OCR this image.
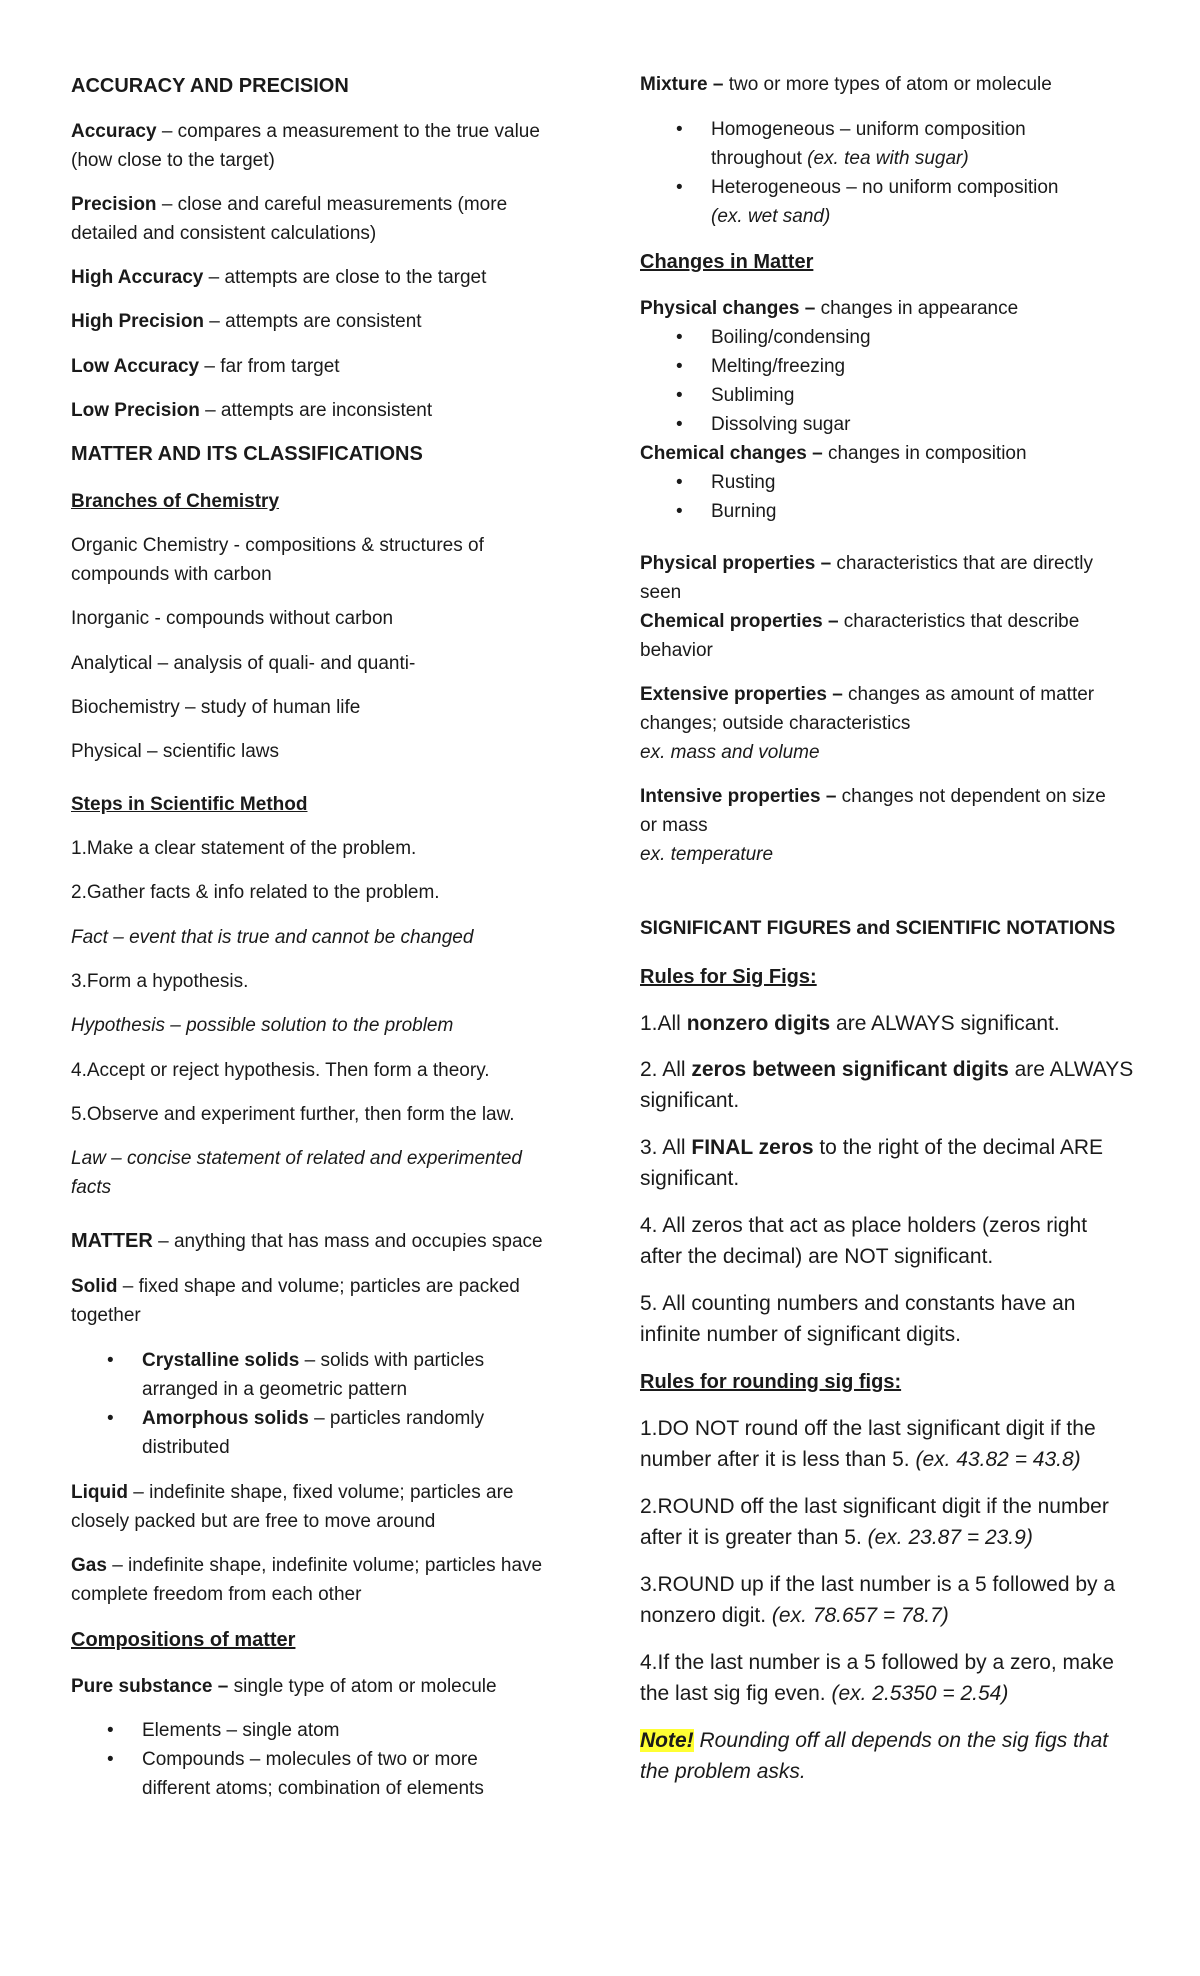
ACCURACY AND PRECISION

Accuracy – compares a measurement to the true value

(how close to the target)

Precision – close and careful measurements (more

detailed and consistent calculations)

High Accuracy – attempts are close to the target

High Precision – attempts are consistent

Low Accuracy – far from target

Low Precision – attempts are inconsistent

MATTER AND ITS CLASSIFICATIONS

Branches of Chemistry

Organic Chemistry - compositions & structures of

compounds with carbon

Inorganic - compounds without carbon

Analytical – analysis of quali- and quanti-

Biochemistry – study of human life

Physical – scientific laws

Steps in Scientific Method

1.Make a clear statement of the problem.

2.Gather facts & info related to the problem.

Fact – event that is true and cannot be changed

3.Form a hypothesis.

Hypothesis – possible solution to the problem

4.Accept or reject hypothesis. Then form a theory.

5.Observe and experiment further, then form the law.

Law – concise statement of related and experimented

facts

MATTER – anything that has mass and occupies space

Solid – fixed shape and volume; particles are packed

together

• Crystalline solids – solids with particles

arranged in a geometric pattern

• Amorphous solids – particles randomly

distributed

Liquid – indefinite shape, fixed volume; particles are

closely packed but are free to move around

Gas – indefinite shape, indefinite volume; particles have

complete freedom from each other

Compositions of matter

Pure substance – single type of atom or molecule

• Elements – single atom

• Compounds – molecules of two or more

different atoms; combination of elements

Mixture – two or more types of atom or molecule

• Homogeneous – uniform composition

throughout (ex. tea with sugar)

• Heterogeneous – no uniform composition

(ex. wet sand)

Changes in Matter

Physical changes – changes in appearance

• Boiling/condensing

• Melting/freezing

• Subliming

• Dissolving sugar

Chemical changes – changes in composition

• Rusting

• Burning

Physical properties – characteristics that are directly

seen

Chemical properties – characteristics that describe

behavior

Extensive properties – changes as amount of matter

changes; outside characteristics

ex. mass and volume

Intensive properties – changes not dependent on size

or mass

ex. temperature

SIGNIFICANT FIGURES and SCIENTIFIC NOTATIONS

Rules for Sig Figs:

1.All nonzero digits are ALWAYS significant.

2. All zeros between significant digits are ALWAYS

significant.

3. All FINAL zeros to the right of the decimal ARE

significant.

4. All zeros that act as place holders (zeros right

after the decimal) are NOT significant.

5. All counting numbers and constants have an

infinite number of significant digits.

Rules for rounding sig figs:

1.DO NOT round off the last significant digit if the

number after it is less than 5. (ex. 43.82 = 43.8)

2.ROUND off the last significant digit if the number

after it is greater than 5. (ex. 23.87 = 23.9)

3.ROUND up if the last number is a 5 followed by a

nonzero digit. (ex. 78.657 = 78.7)

4.If the last number is a 5 followed by a zero, make

the last sig fig even. (ex. 2.5350 = 2.54)

Note! Rounding off all depends on the sig figs that

the problem asks.
